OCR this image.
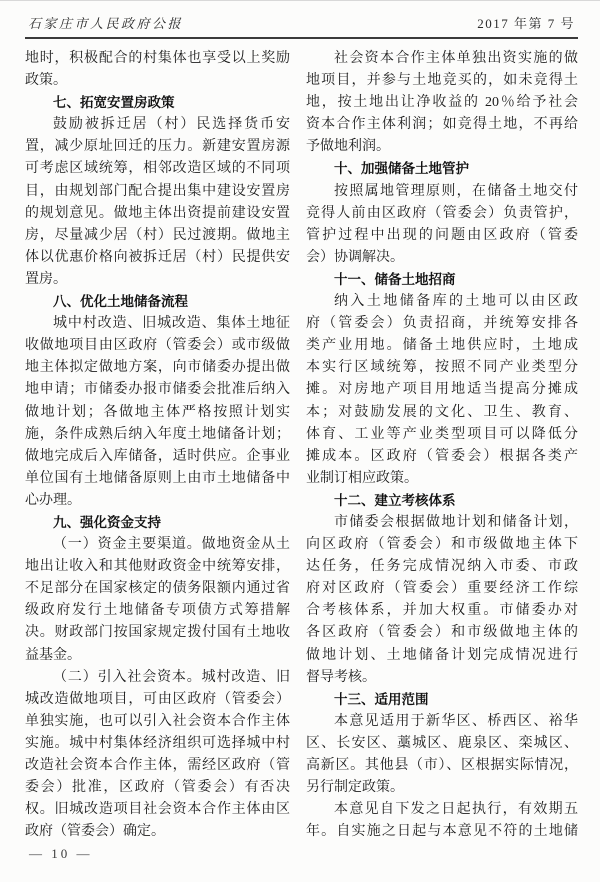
石家庄市人民政府公报	2017 年第 7 号
地时，积极配合的村集体也享受以上奖励
政策。
七、拓宽安置房政策
鼓励被拆迁居（村）民选择货币安
置，减少原址回迁的压力。新建安置房源
可考虑区域统筹，相邻改造区域的不同项
目，由规划部门配合提出集中建设安置房
的规划意见。做地主体出资提前建设安置
房，尽量减少居（村）民过渡期。做地主
体以优惠价格向被拆迁居（村）民提供安
置房。
八、优化土地储备流程
城中村改造、旧城改造、集体土地征
收做地项目由区政府（管委会）或市级做
地主体拟定做地方案，向市储委办提出做
地申请；市储委办报市储委会批准后纳入
做地计划；各做地主体严格按照计划实
施，条件成熟后纳入年度土地储备计划；
做地完成后入库储备，适时供应。企事业
单位国有土地储备原则上由市土地储备中
心办理。
九、强化资金支持
（一）资金主要渠道。做地资金从土
地出让收入和其他财政资金中统筹安排，
不足部分在国家核定的债务限额内通过省
级政府发行土地储备专项债方式筹措解
决。财政部门按国家规定拨付国有土地收
益基金。
（二）引入社会资本。城村改造、旧
城改造做地项目，可由区政府（管委会）
单独实施，也可以引入社会资本合作主体
实施。城中村集体经济组织可选择城中村
改造社会资本合作主体，需经区政府（管
委会）批准，区政府（管委会）有否决
权。旧城改造项目社会资本合作主体由区
政府（管委会）确定。
社会资本合作主体单独出资实施的做
地项目，并参与土地竞买的，如未竞得土
地，按土地出让净收益的 20％给予社会
资本合作主体利润；如竞得土地，不再给
予做地利润。
十、加强储备土地管护
按照属地管理原则，在储备土地交付
竞得人前由区政府（管委会）负责管护，
管护过程中出现的问题由区政府（管委
会）协调解决。
十一、储备土地招商
纳入土地储备库的土地可以由区政
府（管委会）负责招商，并统筹安排各
类产业用地。储备土地供应时，土地成
本实行区域统筹，按照不同产业类型分
摊。对房地产项目用地适当提高分摊成
本；对鼓励发展的文化、卫生、教育、
体育、工业等产业类型项目可以降低分
摊成本。区政府（管委会）根据各类产
业制订相应政策。
十二、建立考核体系
市储委会根据做地计划和储备计划，
向区政府（管委会）和市级做地主体下
达任务，任务完成情况纳入市委、市政
府对区政府（管委会）重要经济工作综
合考核体系，并加大权重。市储委办对
各区政府（管委会）和市级做地主体的
做地计划、土地储备计划完成情况进行
督导考核。
十三、适用范围
本意见适用于新华区、桥西区、裕华
区、长安区、藁城区、鹿泉区、栾城区、
高新区。其他县（市）、区根据实际情况，
另行制定政策。
本意见自下发之日起执行，有效期五
年。自实施之日起与本意见不符的土地储
— 10 —
